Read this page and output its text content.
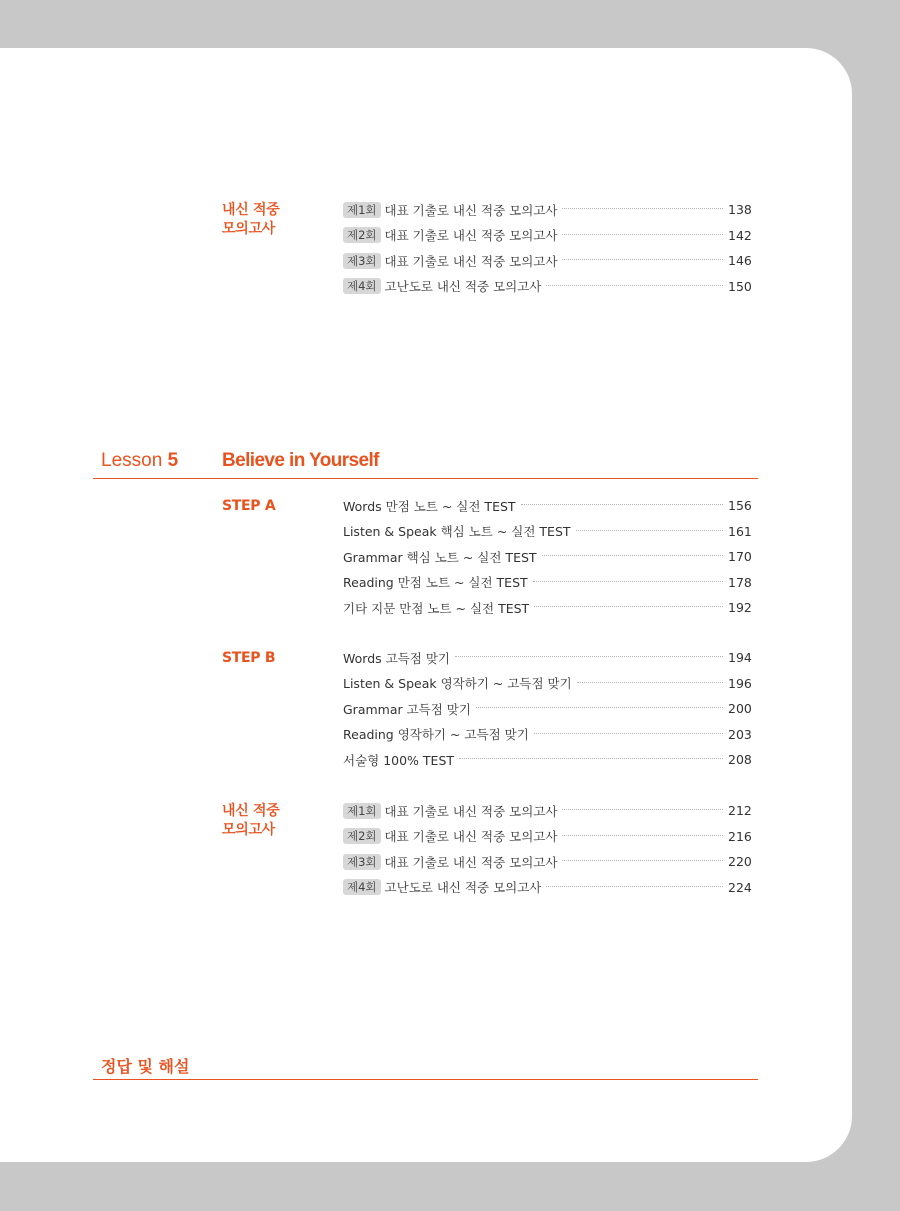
내신 적중
모의고사
제1회 대표 기출로 내신 적중 모의고사	138
제2회 대표 기출로 내신 적중 모의고사	142
제3회 대표 기출로 내신 적중 모의고사	146
제4회 고난도로 내신 적중 모의고사	150
Lesson 5 Believe in Yourself
STEP A	Words 만점 노트 ~ 실전 TEST	156
Listen & Speak 핵심 노트 ~ 실전 TEST	161
Grammar 핵심 노트 ~ 실전 TEST	170
Reading 만점 노트 ~ 실전 TEST	178
기타 지문 만점 노트 ~ 실전 TEST	192
STEP B	Words 고득점 맞기	194
Listen & Speak 영작하기 ~ 고득점 맞기	196
Grammar 고득점 맞기	200
Reading 영작하기 ~ 고득점 맞기	203
서술형 100% TEST	208
내신 적중
모의고사
제1회 대표 기출로 내신 적중 모의고사	212
제2회 대표 기출로 내신 적중 모의고사	216
제3회 대표 기출로 내신 적중 모의고사	220
제4회 고난도로 내신 적중 모의고사	224
정답 및 해설
